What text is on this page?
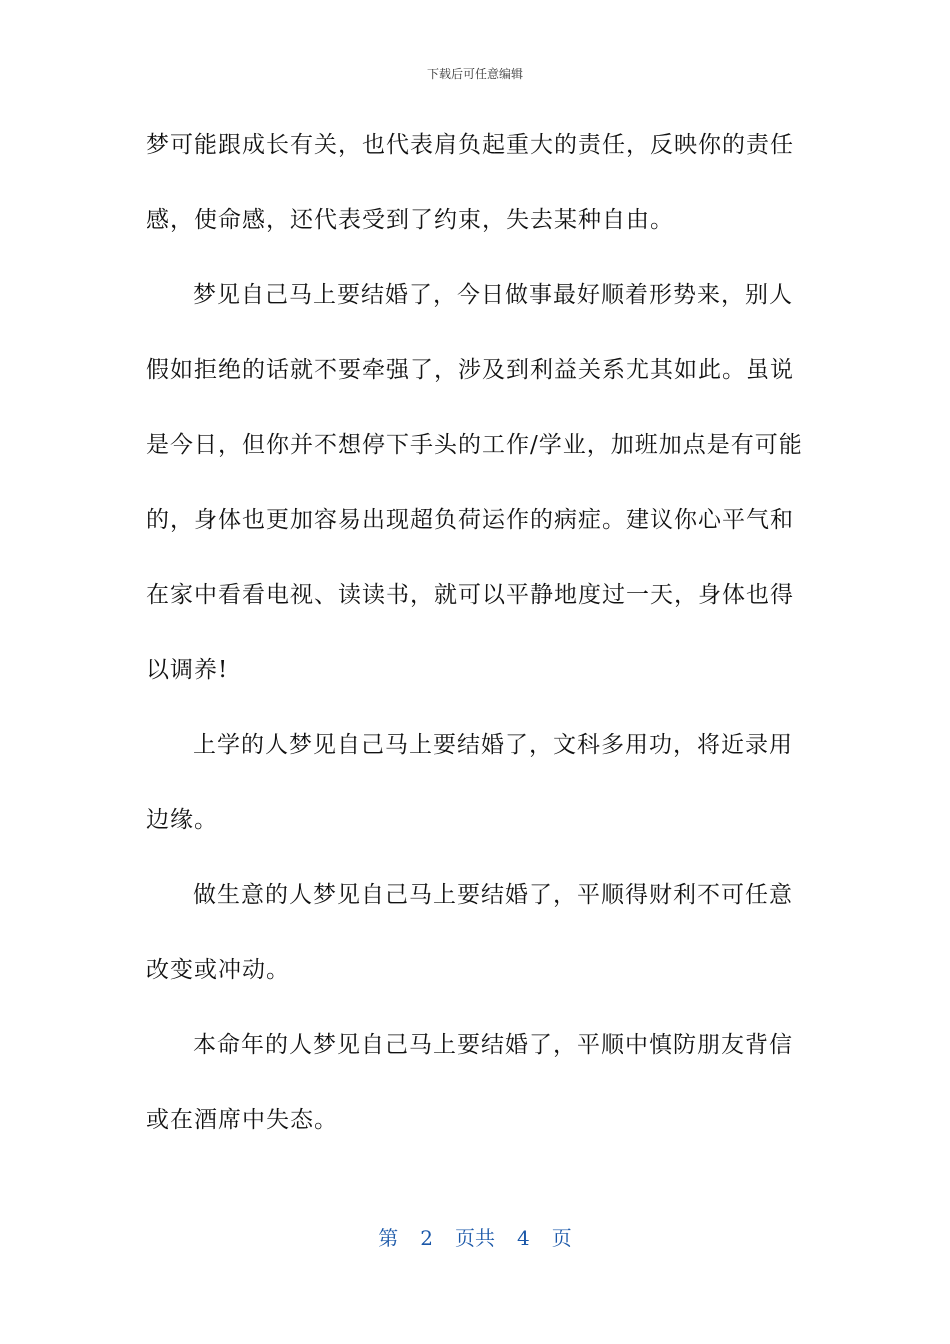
下载后可任意编辑
梦可能跟成长有关，也代表肩负起重大的责任，反映你的责任
感，使命感，还代表受到了约束，失去某种自由。
梦见自己马上要结婚了，今日做事最好顺着形势来，别人
假如拒绝的话就不要牵强了，涉及到利益关系尤其如此。虽说
是今日，但你并不想停下手头的工作/学业，加班加点是有可能
的，身体也更加容易出现超负荷运作的病症。建议你心平气和
在家中看看电视、读读书，就可以平静地度过一天，身体也得
以调养!
上学的人梦见自己马上要结婚了，文科多用功，将近录用
边缘。
做生意的人梦见自己马上要结婚了，平顺得财利不可任意
改变或冲动。
本命年的人梦见自己马上要结婚了，平顺中慎防朋友背信
或在酒席中失态。
第 2 页共 4 页
